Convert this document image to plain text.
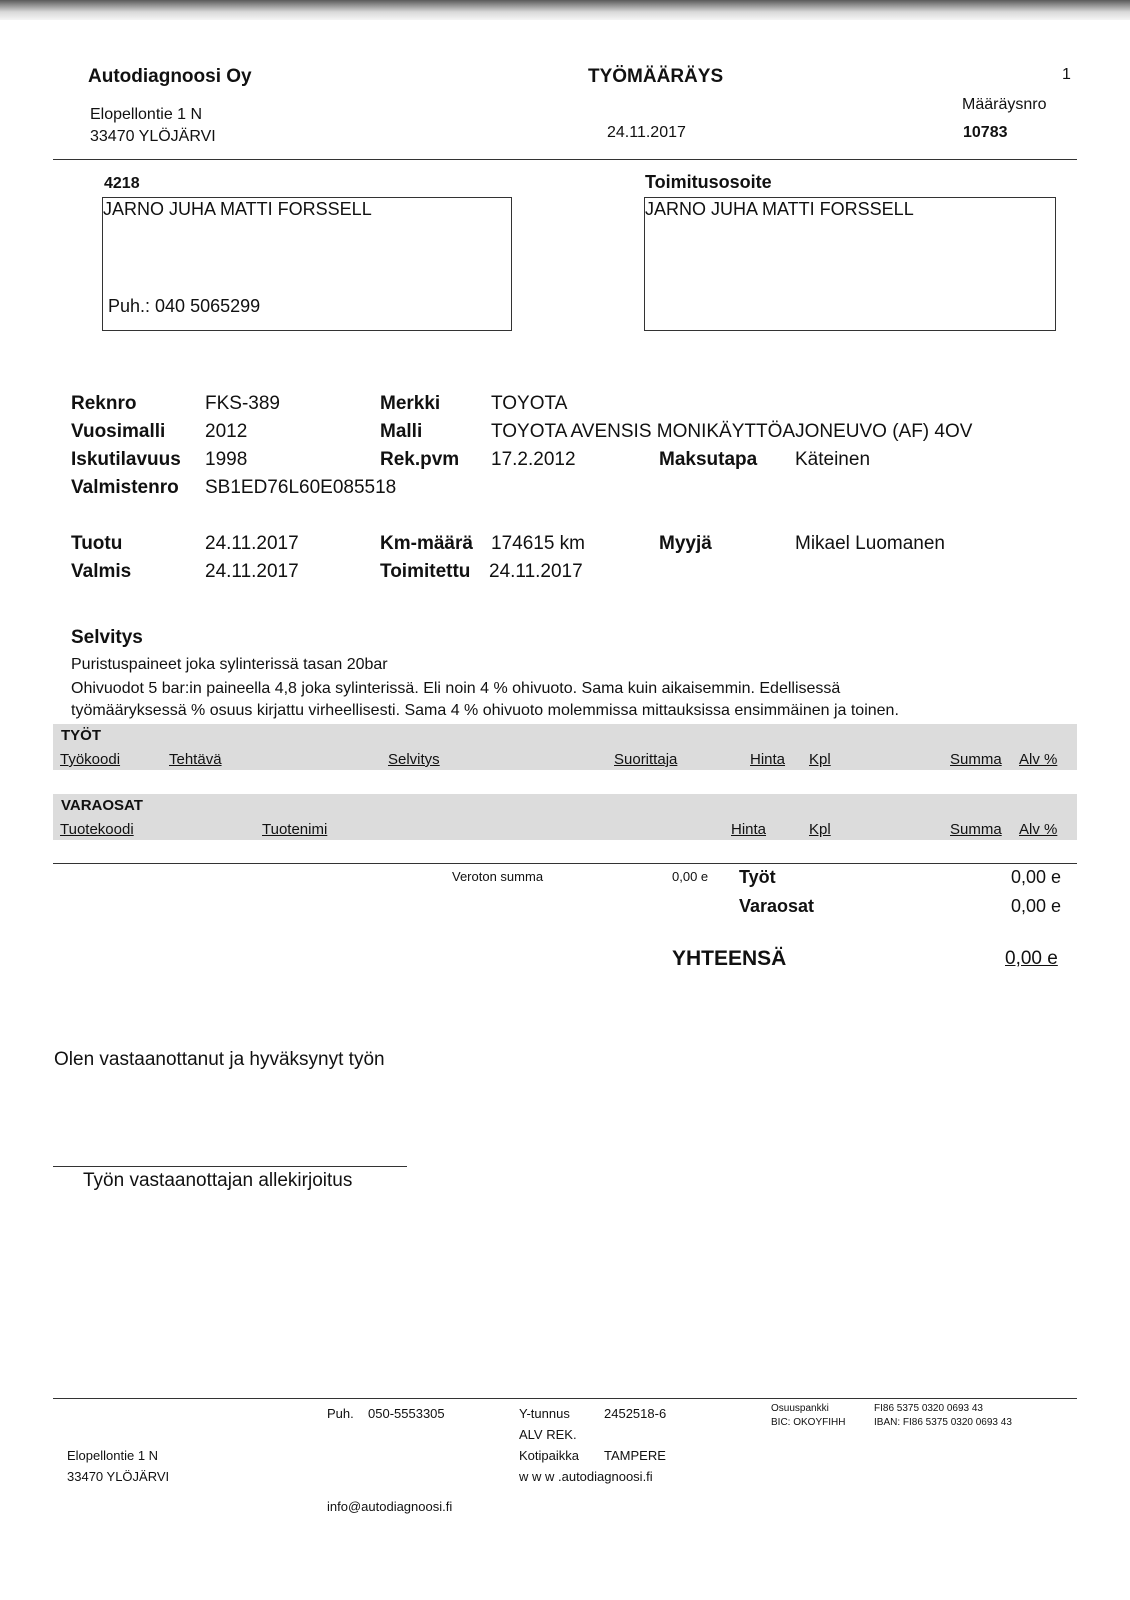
Autodiagnoosi Oy
Elopellontie 1 N
33470 YLÖJÄRVI
TYÖMÄÄRÄYS
24.11.2017
1
Määräysnro
10783
4218
JARNO JUHA MATTI FORSSELL
Puh.: 040 5065299
Toimitusosoite
JARNO JUHA MATTI FORSSELL
Reknro	FKS-389	Merkki	TOYOTA
Vuosimalli 2012	Malli	TOYOTA AVENSIS MONIKÄYTTÖAJONEUVO (AF) 4OV
Iskutilavuus 1998	Rek.pvm 17.2.2012	Maksutapa Käteinen
Valmistenro SB1ED76L60E085518
Tuotu	24.11.2017	Km-määrä 174615 km	Myyjä	Mikael Luomanen
Valmis	24.11.2017	Toimitettu 24.11.2017
Selvitys
Puristuspaineet joka sylinterissä tasan 20bar
Ohivuodot 5 bar:in paineella 4,8 joka sylinterissä. Eli noin 4 % ohivuoto. Sama kuin aikaisemmin. Edellisessä
työmääryksessä % osuus kirjattu virheellisesti. Sama 4 % ohivuoto molemmissa mittauksissa ensimmäinen ja toinen.
TYÖT
Työkoodi	Tehtävä	Selvitys	Suorittaja	Hinta Kpl	Summa Alv %
VARAOSAT
Tuotekoodi	Tuotenimi	Hinta	Kpl	Summa Alv %
Veroton summa	0,00 e Työt	0,00 e
Varaosat	0,00 e
YHTEENSÄ	0,00 e
Olen vastaanottanut ja hyväksynyt työn
Työn vastaanottajan allekirjoitus
Elopellontie 1 N
33470 YLÖJÄRVI
Puh. 050-5553305
info@autodiagnoosi.fi
Y-tunnus	2452518-6
ALV REK.
Kotipaikka TAMPERE
w w w .autodiagnoosi.fi
Osuuspankki	FI86 5375 0320 0693 43
BIC: OKOYFIHH	IBAN: FI86 5375 0320 0693 43
